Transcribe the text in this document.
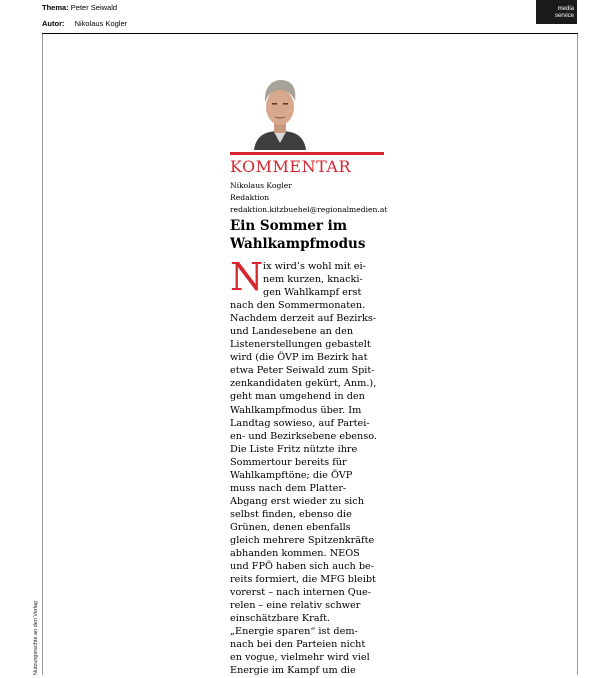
Thema: Peter Seiwald
Autor: Nikolaus Kogler
media
service
Nutzungsrechte an den Verlag
KOMMENTAR
Nikolaus Kogler
Redaktion
redaktion.kitzbuehel@regionalmedien.at
Ein Sommer im
Wahlkampfmodus
N ix wird’s wohl mit ei-
nem kurzen, knacki-
gen Wahlkampf erst
nach den Sommermonaten.
Nachdem derzeit auf Bezirks-
und Landesebene an den
Listenerstellungen gebastelt
wird (die ÖVP im Bezirk hat
etwa Peter Seiwald zum Spit-
zenkandidaten gekürt, Anm.),
geht man umgehend in den
Wahlkampfmodus über. Im
Landtag sowieso, auf Partei-
en- und Bezirksebene ebenso.
Die Liste Fritz nützte ihre
Sommertour bereits für
Wahlkampftöne; die ÖVP
muss nach dem Platter-
Abgang erst wieder zu sich
selbst finden, ebenso die
Grünen, denen ebenfalls
gleich mehrere Spitzenkräfte
abhanden kommen. NEOS
und FPÖ haben sich auch be-
reits formiert, die MFG bleibt
vorerst – nach internen Que-
relen – eine relativ schwer
einschätzbare Kraft.
„Energie sparen“ ist dem-
nach bei den Parteien nicht
en vogue, vielmehr wird viel
Energie im Kampf um die
